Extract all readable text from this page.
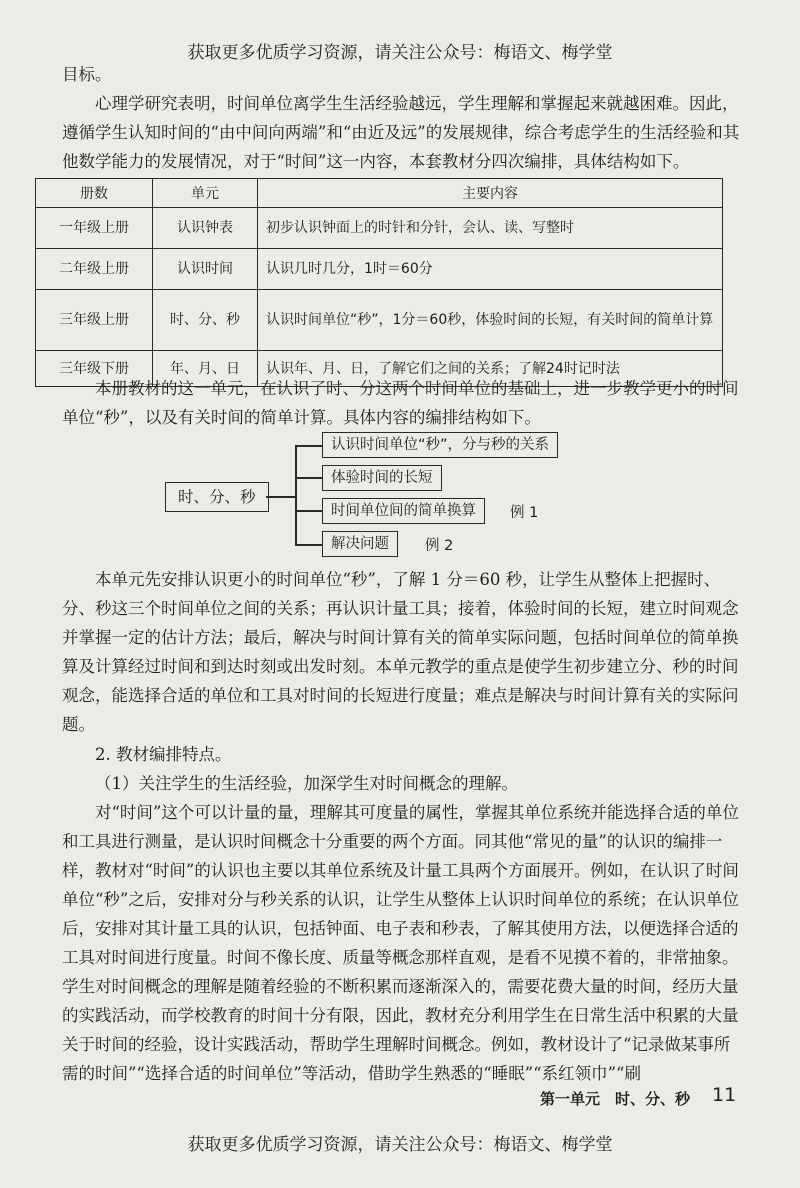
获取更多优质学习资源，请关注公众号：梅语文、梅学堂

目标。

心理学研究表明，时间单位离学生生活经验越远，学生理解和掌握起来就越困难。因此，遵循学生认知时间的“由中间向两端”和“由近及远”的发展规律，综合考虑学生的生活经验和其他数学能力的发展情况，对于“时间”这一内容，本套教材分四次编排，具体结构如下。

册数	单元	主要内容
一年级上册	认识钟表	初步认识钟面上的时针和分针，会认、读、写整时
二年级上册	认识时间	认识几时几分，1时＝60分
三年级上册	时、分、秒	认识时间单位“秒”，1分＝60秒，体验时间的长短，有关时间的简单计算
三年级下册	年、月、日	认识年、月、日，了解它们之间的关系；了解24时记时法

本册教材的这一单元，在认识了时、分这两个时间单位的基础上，进一步教学更小的时间单位“秒”，以及有关时间的简单计算。具体内容的编排结构如下。

时、分、秒
认识时间单位“秒”，分与秒的关系
体验时间的长短
时间单位间的简单换算
解决问题
例 1
例 2

本单元先安排认识更小的时间单位“秒”，了解 1 分＝60 秒，让学生从整体上把握时、分、秒这三个时间单位之间的关系；再认识计量工具；接着，体验时间的长短，建立时间观念并掌握一定的估计方法；最后，解决与时间计算有关的简单实际问题，包括时间单位的简单换算及计算经过时间和到达时刻或出发时刻。本单元教学的重点是使学生初步建立分、秒的时间观念，能选择合适的单位和工具对时间的长短进行度量；难点是解决与时间计算有关的实际问题。

2. 教材编排特点。

（1）关注学生的生活经验，加深学生对时间概念的理解。

对“时间”这个可以计量的量，理解其可度量的属性，掌握其单位系统并能选择合适的单位和工具进行测量，是认识时间概念十分重要的两个方面。同其他“常见的量”的认识的编排一样，教材对“时间”的认识也主要以其单位系统及计量工具两个方面展开。例如，在认识了时间单位“秒”之后，安排对分与秒关系的认识，让学生从整体上认识时间单位的系统；在认识单位后，安排对其计量工具的认识，包括钟面、电子表和秒表，了解其使用方法，以便选择合适的工具对时间进行度量。时间不像长度、质量等概念那样直观，是看不见摸不着的，非常抽象。学生对时间概念的理解是随着经验的不断积累而逐渐深入的，需要花费大量的时间，经历大量的实践活动，而学校教育的时间十分有限，因此，教材充分利用学生在日常生活中积累的大量关于时间的经验，设计实践活动，帮助学生理解时间概念。例如，教材设计了“记录做某事所需的时间”“选择合适的时间单位”等活动，借助学生熟悉的“睡眠”“系红领巾”“刷

第一单元　时、分、秒 11
获取更多优质学习资源，请关注公众号：梅语文、梅学堂
